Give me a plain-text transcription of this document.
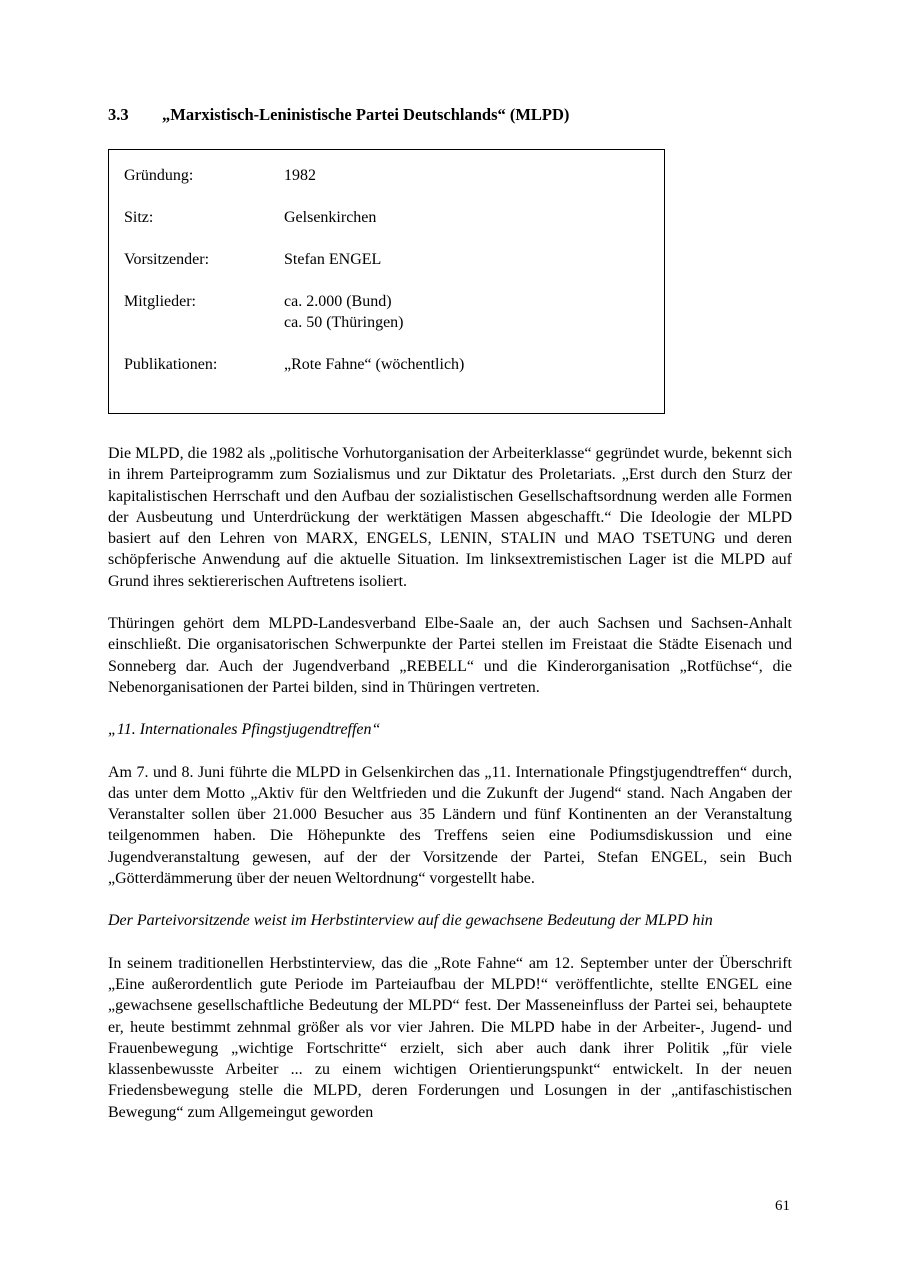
3.3	„Marxistisch-Leninistische Partei Deutschlands“ (MLPD)
Gründung:	1982
Sitz:	Gelsenkirchen
Vorsitzender:	Stefan ENGEL
Mitglieder:	ca. 2.000 (Bund)
ca. 50 (Thüringen)
Publikationen:	„Rote Fahne“ (wöchentlich)

Die MLPD, die 1982 als „politische Vorhutorganisation der Arbeiterklasse“ gegründet wurde, bekennt sich in ihrem Parteiprogramm zum Sozialismus und zur Diktatur des Proletariats. „Erst durch den Sturz der kapitalistischen Herrschaft und den Aufbau der sozialistischen Gesellschaftsordnung werden alle Formen der Ausbeutung und Unterdrückung der werktätigen Massen abgeschafft.“ Die Ideologie der MLPD basiert auf den Lehren von MARX, ENGELS, LENIN, STALIN und MAO TSETUNG und deren schöpferische Anwendung auf die aktuelle Situation. Im linksextremistischen Lager ist die MLPD auf Grund ihres sektiererischen Auftretens isoliert.

Thüringen gehört dem MLPD-Landesverband Elbe-Saale an, der auch Sachsen und Sachsen-Anhalt einschließt. Die organisatorischen Schwerpunkte der Partei stellen im Freistaat die Städte Eisenach und Sonneberg dar. Auch der Jugendverband „REBELL“ und die Kinderorganisation „Rotfüchse“, die Nebenorganisationen der Partei bilden, sind in Thüringen vertreten.

„11. Internationales Pfingstjugendtreffen“

Am 7. und 8. Juni führte die MLPD in Gelsenkirchen das „11. Internationale Pfingstjugendtreffen“ durch, das unter dem Motto „Aktiv für den Weltfrieden und die Zukunft der Jugend“ stand. Nach Angaben der Veranstalter sollen über 21.000 Besucher aus 35 Ländern und fünf Kontinenten an der Veranstaltung teilgenommen haben. Die Höhepunkte des Treffens seien eine Podiumsdiskussion und eine Jugendveranstaltung gewesen, auf der der Vorsitzende der Partei, Stefan ENGEL, sein Buch „Götterdämmerung über der neuen Weltordnung“ vorgestellt habe.

Der Parteivorsitzende weist im Herbstinterview auf die gewachsene Bedeutung der MLPD hin

In seinem traditionellen Herbstinterview, das die „Rote Fahne“ am 12. September unter der Überschrift „Eine außerordentlich gute Periode im Parteiaufbau der MLPD!“ veröffentlichte, stellte ENGEL eine „gewachsene gesellschaftliche Bedeutung der MLPD“ fest. Der Masseneinfluss der Partei sei, behauptete er, heute bestimmt zehnmal größer als vor vier Jahren. Die MLPD habe in der Arbeiter-, Jugend- und Frauenbewegung „wichtige Fortschritte“ erzielt, sich aber auch dank ihrer Politik „für viele klassenbewusste Arbeiter ... zu einem wichtigen Orientierungspunkt“ entwickelt. In der neuen Friedensbewegung stelle die MLPD, deren Forderungen und Losungen in der „antifaschistischen Bewegung“ zum Allgemeingut geworden

61
